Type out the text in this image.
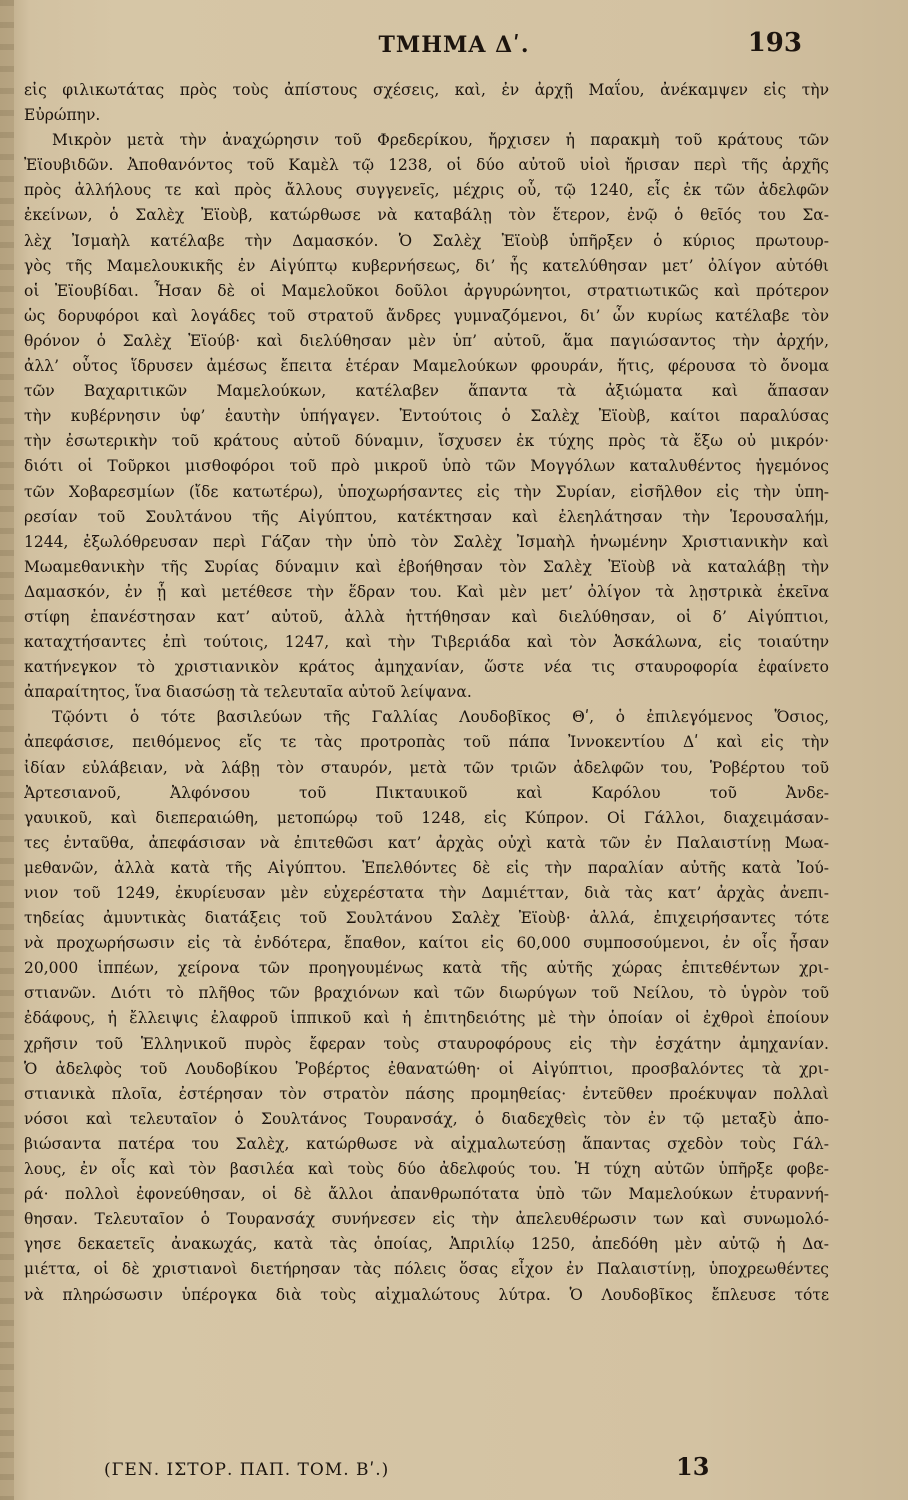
ΤΜΗΜΑ Δʹ.	193
εἰς φιλικωτάτας πρὸς τοὺς ἀπίστους σχέσεις, καὶ, ἐν ἀρχῇ Μαΐου, ἀνέκαμψεν εἰς τὴν
Εὐρώπην.
Μικρὸν μετὰ τὴν ἀναχώρησιν τοῦ Φρεδερίκου, ἤρχισεν ἡ παρακμὴ τοῦ κράτους τῶν
Ἐϊουβιδῶν. Ἀποθανόντος τοῦ Καμὲλ τῷ 1238, οἱ δύο αὐτοῦ υἱοὶ ἤρισαν περὶ τῆς ἀρχῆς
πρὸς ἀλλήλους τε καὶ πρὸς ἄλλους συγγενεῖς, μέχρις οὗ, τῷ 1240, εἷς ἐκ τῶν ἀδελφῶν
ἐκείνων, ὁ Σαλὲχ Ἐϊοὺβ, κατώρθωσε νὰ καταβάλῃ τὸν ἕτερον, ἐνῷ ὁ θεῖός του Σα-
λὲχ Ἰσμαὴλ κατέλαβε τὴν Δαμασκόν. Ὁ Σαλὲχ Ἐϊοὺβ ὑπῆρξεν ὁ κύριος πρωτουρ-
γὸς τῆς Μαμελουκικῆς ἐν Αἰγύπτῳ κυβερνήσεως, δι’ ἧς κατελύθησαν μετ’ ὀλίγον αὐτόθι
οἱ Ἐϊουβίδαι. Ἦσαν δὲ οἱ Μαμελοῦκοι δοῦλοι ἀργυρώνητοι, στρατιωτικῶς καὶ πρότερον
ὡς δορυφόροι καὶ λογάδες τοῦ στρατοῦ ἄνδρες γυμναζόμενοι, δι’ ὧν κυρίως κατέλαβε τὸν
θρόνον ὁ Σαλὲχ Ἐϊούβ· καὶ διελύθησαν μὲν ὑπ’ αὐτοῦ, ἅμα παγιώσαντος τὴν ἀρχήν,
ἀλλ’ οὗτος ἵδρυσεν ἀμέσως ἔπειτα ἑτέραν Μαμελούκων φρουράν, ἥτις, φέρουσα τὸ ὄνομα
τῶν Βαχαριτικῶν Μαμελούκων, κατέλαβεν ἅπαντα τὰ ἀξιώματα καὶ ἅπασαν
τὴν κυβέρνησιν ὑφ’ ἑαυτὴν ὑπήγαγεν. Ἐντούτοις ὁ Σαλὲχ Ἐϊοὺβ, καίτοι παραλύσας
τὴν ἐσωτερικὴν τοῦ κράτους αὐτοῦ δύναμιν, ἴσχυσεν ἐκ τύχης πρὸς τὰ ἔξω οὐ μικρόν·
διότι οἱ Τοῦρκοι μισθοφόροι τοῦ πρὸ μικροῦ ὑπὸ τῶν Μογγόλων καταλυθέντος ἡγεμόνος
τῶν Χοβαρεσμίων (ἴδε κατωτέρω), ὑποχωρήσαντες εἰς τὴν Συρίαν, εἰσῆλθον εἰς τὴν ὑπη-
ρεσίαν τοῦ Σουλτάνου τῆς Αἰγύπτου, κατέκτησαν καὶ ἐλεηλάτησαν τὴν Ἱερουσαλήμ,
1244, ἐξωλόθρευσαν περὶ Γάζαν τὴν ὑπὸ τὸν Σαλὲχ Ἰσμαὴλ ἡνωμένην Χριστιανικὴν καὶ
Μωαμεθανικὴν τῆς Συρίας δύναμιν καὶ ἐβοήθησαν τὸν Σαλὲχ Ἐϊοὺβ νὰ καταλάβῃ τὴν
Δαμασκόν, ἐν ᾗ καὶ μετέθεσε τὴν ἕδραν του. Καὶ μὲν μετ’ ὀλίγον τὰ λῃστρικὰ ἐκεῖνα
στίφη ἐπανέστησαν κατ’ αὐτοῦ, ἀλλὰ ἡττήθησαν καὶ διελύθησαν, οἱ δ’ Αἰγύπτιοι,
καταχτήσαντες ἐπὶ τούτοις, 1247, καὶ τὴν Τιβεριάδα καὶ τὸν Ἀσκάλωνα, εἰς τοιαύτην
κατήνεγκον τὸ χριστιανικὸν κράτος ἀμηχανίαν, ὥστε νέα τις σταυροφορία ἐφαίνετο
ἀπαραίτητος, ἵνα διασώσῃ τὰ τελευταῖα αὐτοῦ λείψανα.
Τῷόντι ὁ τότε βασιλεύων τῆς Γαλλίας Λουδοβῖκος Θʹ, ὁ ἐπιλεγόμενος Ὅσιος,
ἀπεφάσισε, πειθόμενος εἴς τε τὰς προτροπὰς τοῦ πάπα Ἰννοκεντίου Δʹ καὶ εἰς τὴν
ἰδίαν εὐλάβειαν, νὰ λάβῃ τὸν σταυρόν, μετὰ τῶν τριῶν ἀδελφῶν του, Ῥοβέρτου τοῦ
Ἀρτεσιανοῦ, Ἀλφόνσου τοῦ Πικταυικοῦ καὶ Καρόλου τοῦ Ἀνδε-
γαυικοῦ, καὶ διεπεραιώθη, μετοπώρῳ τοῦ 1248, εἰς Κύπρον. Οἱ Γάλλοι, διαχειμάσαν-
τες ἐνταῦθα, ἀπεφάσισαν νὰ ἐπιτεθῶσι κατ’ ἀρχὰς οὐχὶ κατὰ τῶν ἐν Παλαιστίνῃ Μωα-
μεθανῶν, ἀλλὰ κατὰ τῆς Αἰγύπτου. Ἐπελθόντες δὲ εἰς τὴν παραλίαν αὐτῆς κατὰ Ἰού-
νιον τοῦ 1249, ἐκυρίευσαν μὲν εὐχερέστατα τὴν Δαμιέτταν, διὰ τὰς κατ’ ἀρχὰς ἀνεπι-
τηδείας ἀμυντικὰς διατάξεις τοῦ Σουλτάνου Σαλὲχ Ἐϊοὺβ· ἀλλά, ἐπιχειρήσαντες τότε
νὰ προχωρήσωσιν εἰς τὰ ἐνδότερα, ἔπαθον, καίτοι εἰς 60,000 συμποσούμενοι, ἐν οἷς ἦσαν
20,000 ἱππέων, χείρονα τῶν προηγουμένως κατὰ τῆς αὐτῆς χώρας ἐπιτεθέντων χρι-
στιανῶν. Διότι τὸ πλῆθος τῶν βραχιόνων καὶ τῶν διωρύγων τοῦ Νείλου, τὸ ὑγρὸν τοῦ
ἐδάφους, ἡ ἔλλειψις ἐλαφροῦ ἱππικοῦ καὶ ἡ ἐπιτηδειότης μὲ τὴν ὁποίαν οἱ ἐχθροὶ ἐποίουν
χρῆσιν τοῦ Ἑλληνικοῦ πυρὸς ἔφεραν τοὺς σταυροφόρους εἰς τὴν ἐσχάτην ἀμηχανίαν.
Ὁ ἀδελφὸς τοῦ Λουδοβίκου Ῥοβέρτος ἐθανατώθη· οἱ Αἰγύπτιοι, προσβαλόντες τὰ χρι-
στιανικὰ πλοῖα, ἐστέρησαν τὸν στρατὸν πάσης προμηθείας· ἐντεῦθεν προέκυψαν πολλαὶ
νόσοι καὶ τελευταῖον ὁ Σουλτάνος Τουρανσάχ, ὁ διαδεχθεὶς τὸν ἐν τῷ μεταξὺ ἀπο-
βιώσαντα πατέρα του Σαλὲχ, κατώρθωσε νὰ αἰχμαλωτεύσῃ ἅπαντας σχεδὸν τοὺς Γάλ-
λους, ἐν οἷς καὶ τὸν βασιλέα καὶ τοὺς δύο ἀδελφούς του. Ἡ τύχη αὐτῶν ὑπῆρξε φοβε-
ρά· πολλοὶ ἐφονεύθησαν, οἱ δὲ ἄλλοι ἀπανθρωπότατα ὑπὸ τῶν Μαμελούκων ἐτυραννή-
θησαν. Τελευταῖον ὁ Τουρανσάχ συνήνεσεν εἰς τὴν ἀπελευθέρωσιν των καὶ συνωμολό-
γησε δεκαετεῖς ἀνακωχάς, κατὰ τὰς ὁποίας, Ἀπριλίῳ 1250, ἀπεδόθη μὲν αὐτῷ ἡ Δα-
μιέττα, οἱ δὲ χριστιανοὶ διετήρησαν τὰς πόλεις ὅσας εἶχον ἐν Παλαιστίνῃ, ὑποχρεωθέντες
νὰ πληρώσωσιν ὑπέρογκα διὰ τοὺς αἰχμαλώτους λύτρα. Ὁ Λουδοβῖκος ἔπλευσε τότε
(ΓΕΝ. ΙΣΤΟΡ. ΠΑΠ. ΤΟΜ. Βʹ.)	13
